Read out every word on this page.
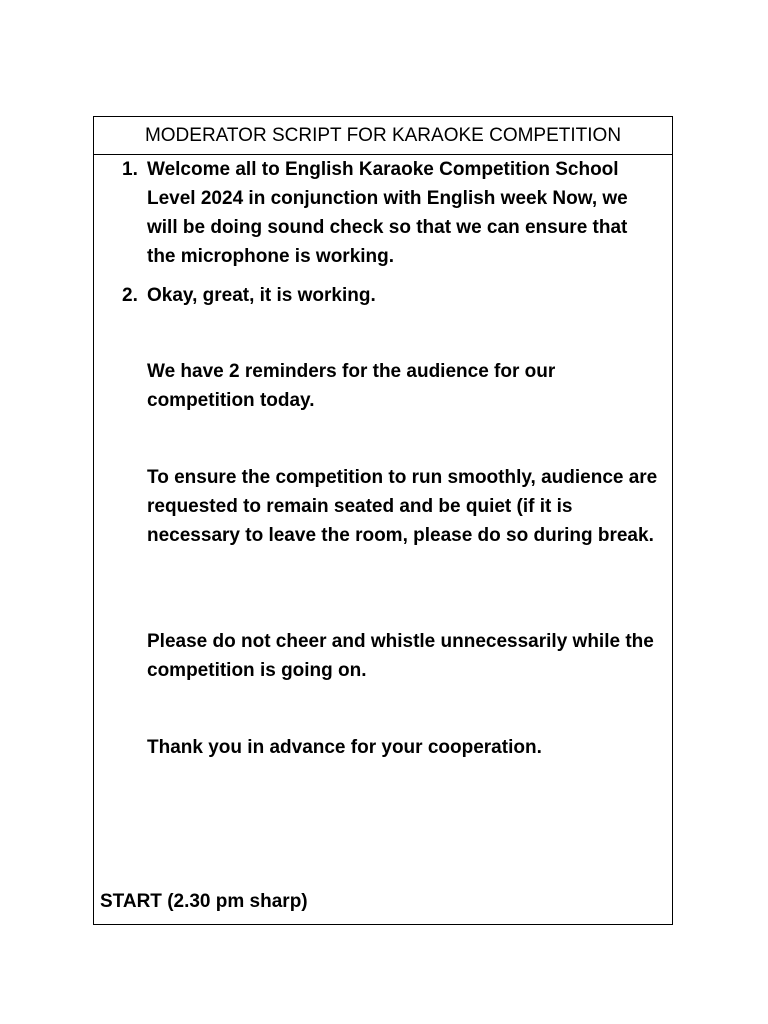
MODERATOR SCRIPT FOR KARAOKE COMPETITION
1. Welcome all to English Karaoke Competition School Level 2024 in conjunction with English week Now, we will be doing sound check so that we can ensure that the microphone is working.
2. Okay, great, it is working.
We have 2 reminders for the audience for our competition today.
To ensure the competition to run smoothly, audience are requested to remain seated and be quiet (if it is necessary to leave the room, please do so during break.
Please do not cheer and whistle unnecessarily while the competition is going on.
Thank you in advance for your cooperation.
START (2.30 pm sharp)
